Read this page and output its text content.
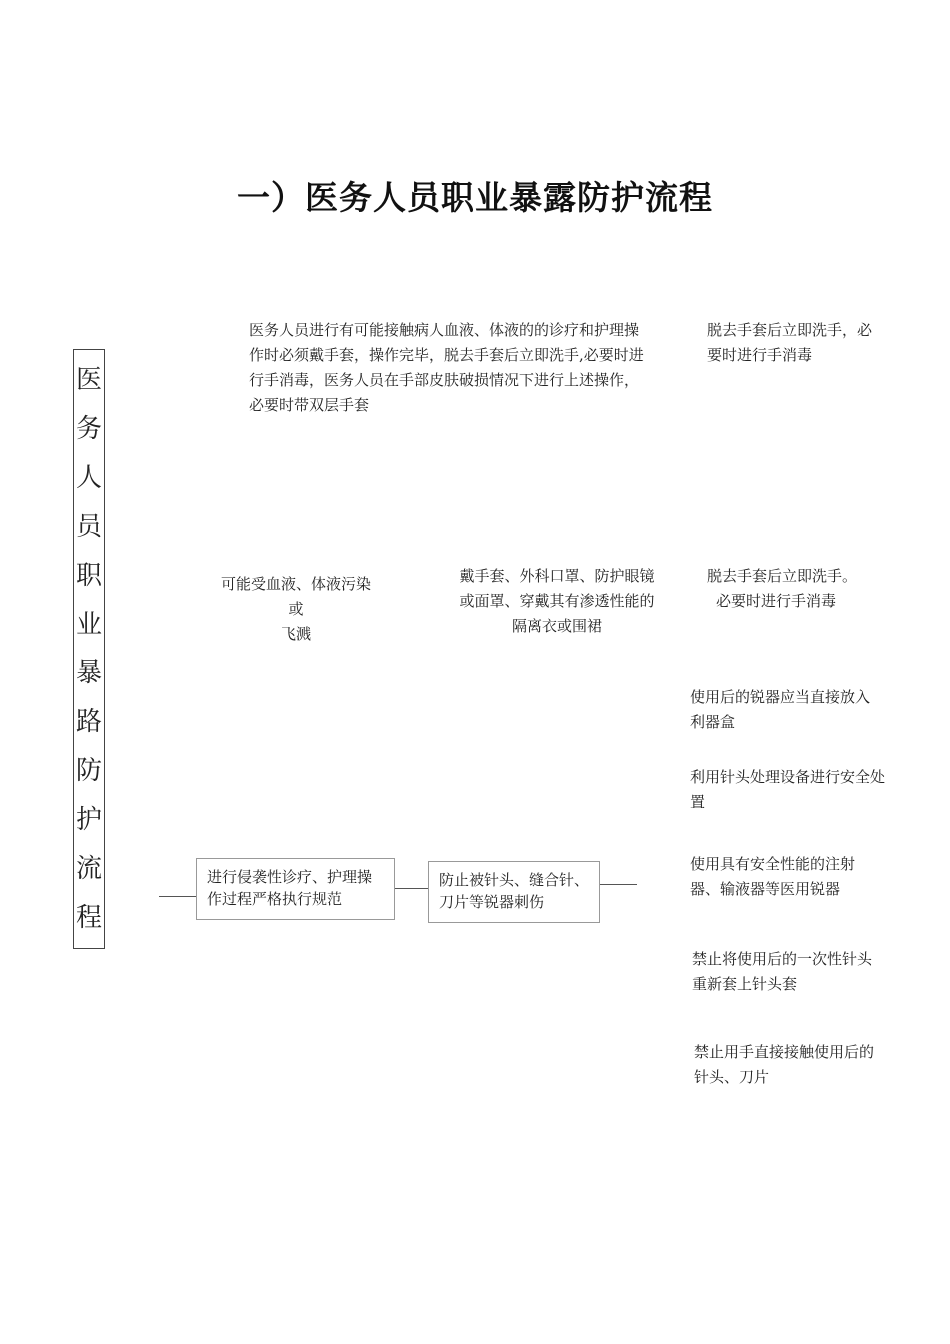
一）医务人员职业暴露防护流程
医
务
人
员
职
业
暴
路
防
护
流
程
医务人员进行有可能接触病人血液、体液的的诊疗和护理操作时必须戴手套，操作完毕，脱去手套后立即洗手,必要时进行手消毒，医务人员在手部皮肤破损情况下进行上述操作，必要时带双层手套
脱去手套后立即洗手，必要时进行手消毒
可能受血液、体液污染
或
飞溅
戴手套、外科口罩、防护眼镜或面罩、穿戴其有渗透性能的隔离衣或围裙
脱去手套后立即洗手。
必要时进行手消毒
进行侵袭性诊疗、护理操作过程严格执行规范
防止被针头、缝合针、刀片等锐器刺伤
使用后的锐器应当直接放入利器盒
利用针头处理设备进行安全处置
使用具有安全性能的注射器、输液器等医用锐器
禁止将使用后的一次性针头重新套上针头套
禁止用手直接接触使用后的针头、刀片
